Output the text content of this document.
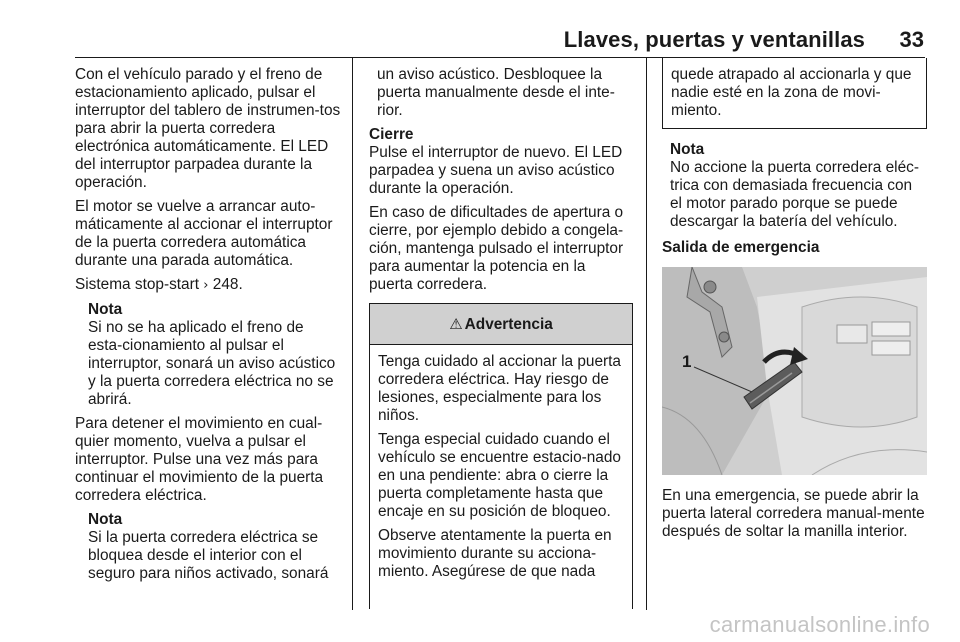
Llaves, puertas y ventanillas 33

Con el vehículo parado y el freno de estacionamiento aplicado, pulsar el interruptor del tablero de instrumen-tos para abrir la puerta corredera electrónica automáticamente. El LED del interruptor parpadea durante la operación.

El motor se vuelve a arrancar auto-máticamente al accionar el interruptor de la puerta corredera automática durante una parada automática.

Sistema stop-start › 248.

Nota

Si no se ha aplicado el freno de esta-cionamiento al pulsar el interruptor, sonará un aviso acústico y la puerta corredera eléctrica no se abrirá.

Para detener el movimiento en cual-quier momento, vuelva a pulsar el interruptor. Pulse una vez más para continuar el movimiento de la puerta corredera eléctrica.

Nota

Si la puerta corredera eléctrica se bloquea desde el interior con el seguro para niños activado, sonará

un aviso acústico. Desbloquee la puerta manualmente desde el inte-rior.

Cierre

Pulse el interruptor de nuevo. El LED parpadea y suena un aviso acústico durante la operación.

En caso de dificultades de apertura o cierre, por ejemplo debido a congela-ción, mantenga pulsado el interruptor para aumentar la potencia en la puerta corredera.

⚠ Advertencia

Tenga cuidado al accionar la puerta corredera eléctrica. Hay riesgo de lesiones, especialmente para los niños.

Tenga especial cuidado cuando el vehículo se encuentre estacio-nado en una pendiente: abra o cierre la puerta completamente hasta que encaje en su posición de bloqueo.

Observe atentamente la puerta en movimiento durante su acciona-miento. Asegúrese de que nada

quede atrapado al accionarla y que nadie esté en la zona de movi-miento.

Nota

No accione la puerta corredera eléc-trica con demasiada frecuencia con el motor parado porque se puede descargar la batería del vehículo.

Salida de emergencia
1

En una emergencia, se puede abrir la puerta lateral corredera manual-mente después de soltar la manilla interior.

carmanualsonline.info
